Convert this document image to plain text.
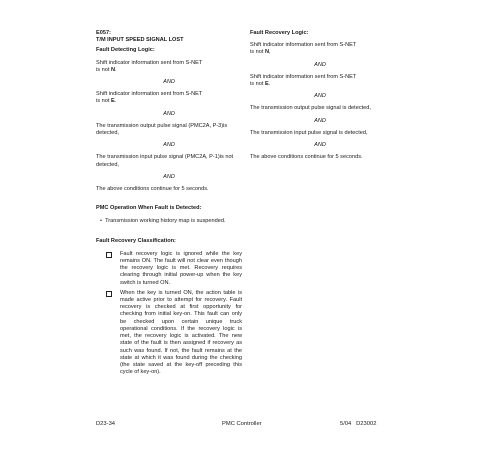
E057:
T/M INPUT SPEED SIGNAL LOST
Fault Detecting Logic:
Shift indicator information sent from S-NET
is not N.
AND
Shift indicator information sent from S-NET
is not E.
AND
The transmission output pulse signal (PMC2A, P-3)is detected,
AND
The transmission input pulse signal (PMC2A, P-1)is not detected,
AND
The above conditions continue for 5 seconds.
PMC Operation When Fault is Detected:
• Transmission working history map is suspended.
Fault Recovery Classification:
Fault recovery logic is ignored while the key remains ON. The fault will not clear even though the recovery logic is met. Recovery requires clearing through initial power-up when the key switch is turned ON.
When the key is turned ON, the action table is made active prior to attempt for recovery. Fault recovery is checked at first opportunity for checking from initial key-on. This fault can only be checked upon certain unique truck operational conditions. If the recovery logic is met, the recovery logic is activated. The new state of the fault is then assigned if recovery as such was found. If not, the fault remains at the state at which it was found during the checking (the state saved at the key-off preceding this cycle of key-on).
Fault Recovery Logic:
Shift indicator information sent from S-NET
is not N,
AND
Shift indicator information sent from S-NET
is not E.
AND
The transmission output pulse signal is detected,
AND
The transmission input pulse signal is detected,
AND
The above conditions continue for 5 seconds.
D23-34	PMC Controller	5/04   D23002
